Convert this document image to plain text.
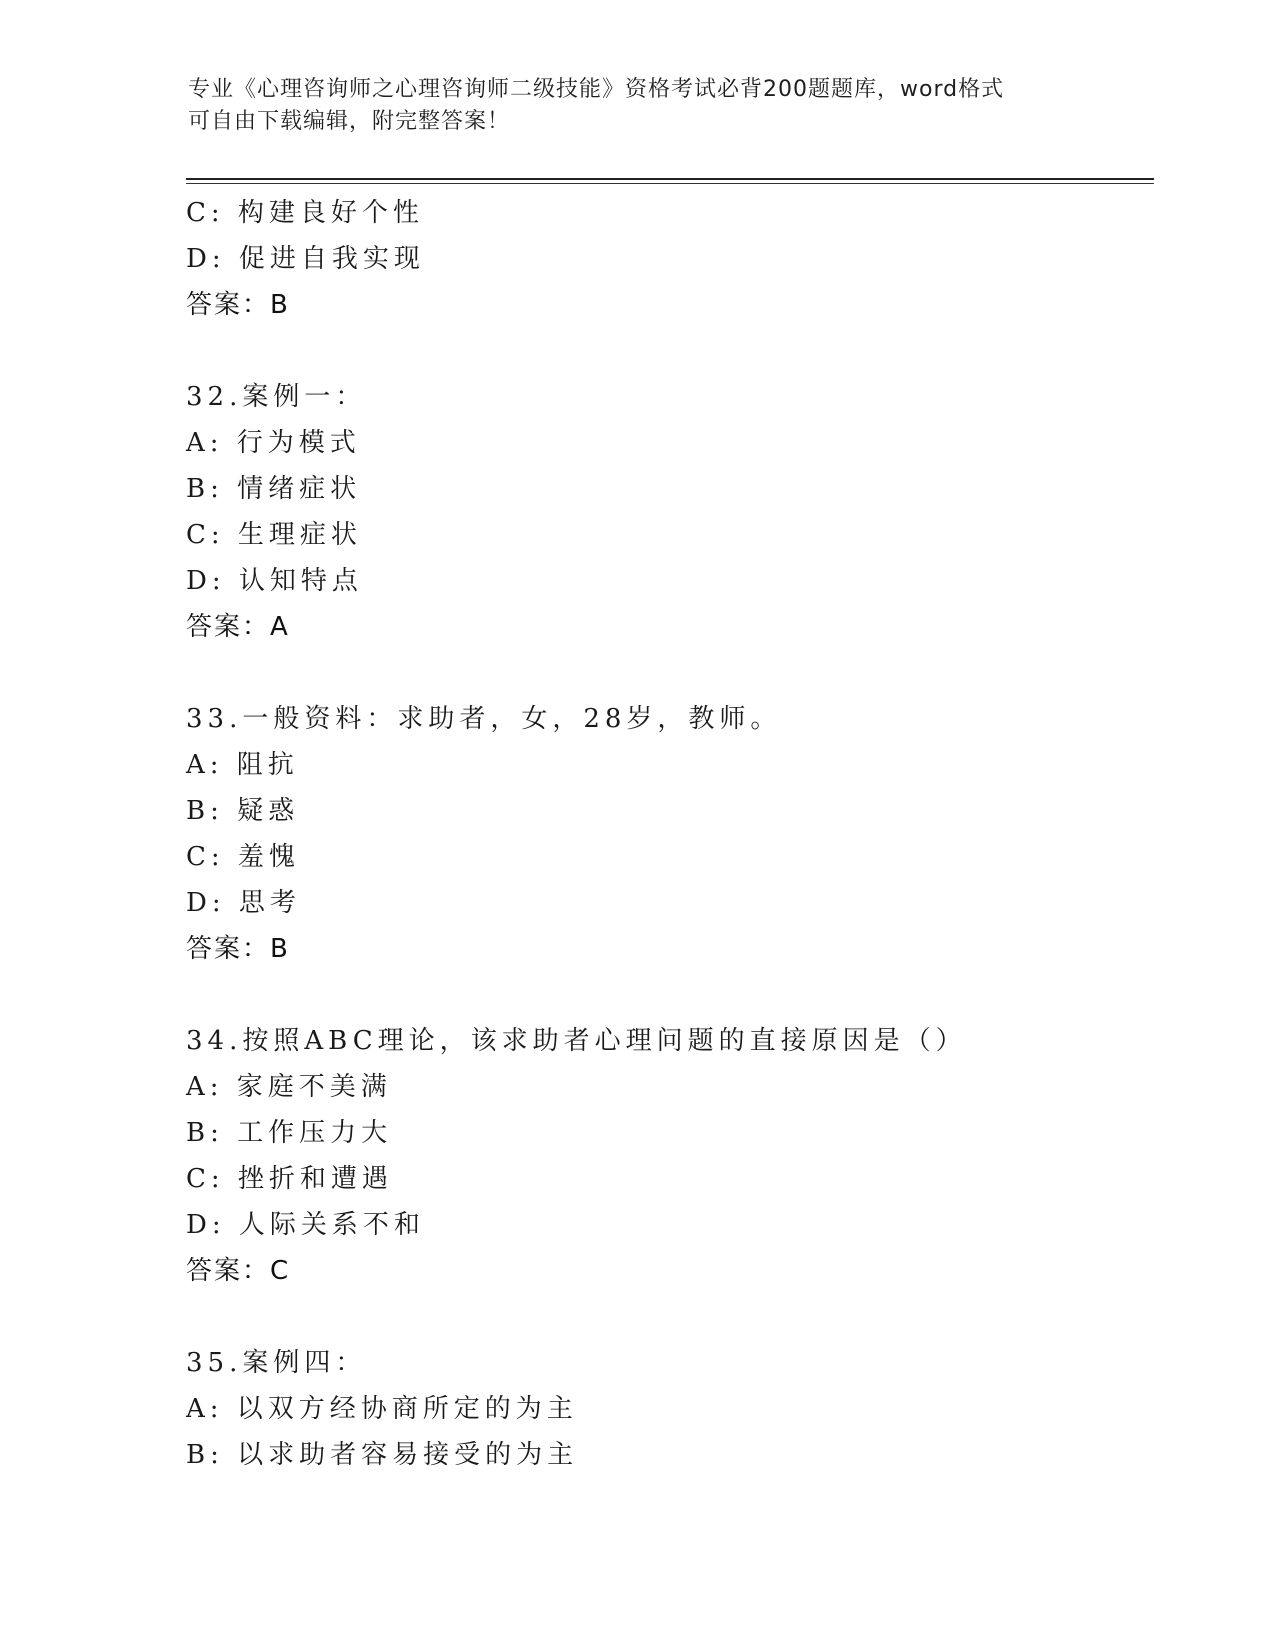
专业《心理咨询师之心理咨询师二级技能》资格考试必背200题题库，word格式
可自由下载编辑，附完整答案！
C: 构建良好个性
D: 促进自我实现
答案：B
32.案例一：
A: 行为模式
B: 情绪症状
C: 生理症状
D: 认知特点
答案：A
33.一般资料：求助者，女，28岁，教师。
A: 阻抗
B: 疑惑
C: 羞愧
D: 思考
答案：B
34.按照ABC理论，该求助者心理问题的直接原因是（）
A: 家庭不美满
B: 工作压力大
C: 挫折和遭遇
D: 人际关系不和
答案：C
35.案例四：
A: 以双方经协商所定的为主
B: 以求助者容易接受的为主
